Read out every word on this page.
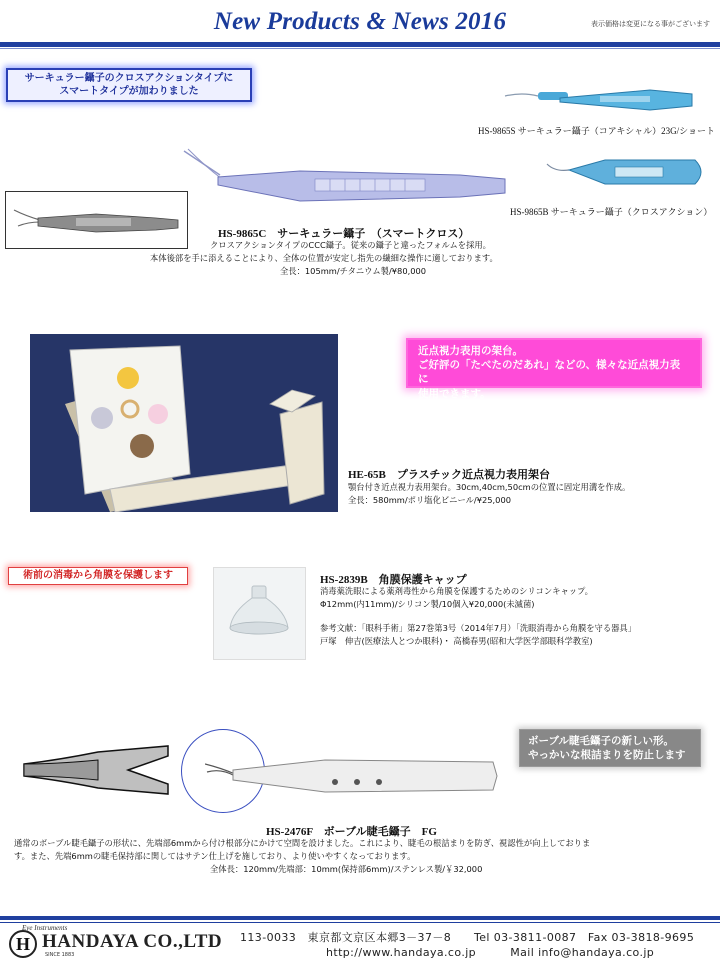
New Products & News 2016	表示価格は変更になる事がございます
サーキュラー鑷子のクロスアクションタイプに
スマートタイプが加わりました
HS-9865S サーキュラー鑷子（コアキシャル）23G/ショート
HS-9865B サーキュラー鑷子（クロスアクション）
HS-9865C　サーキュラー鑷子　（スマートクロス）
クロスアクションタイプのCCC鑷子。従来の鑷子と違ったフォルムを採用。
本体後部を手に添えることにより、全体の位置が安定し指先の繊細な操作に適しております。
全長：105mm/チタニウム製/¥80,000
近点視力表用の架台。
ご好評の「たべたのだあれ」などの、様々な近点視力表に
使用できます。
HE-65B　プラスチック近点視力表用架台
顎台付き近点視力表用架台。30cm,40cm,50cmの位置に固定用溝を作成。
全長：580mm/ポリ塩化ビニール/¥25,000
術前の消毒から角膜を保護します	HS-2839B　角膜保護キャップ
消毒薬洗眼による薬剤毒性から角膜を保護するためのシリコンキャップ。
Φ12mm(内11mm)/シリコン製/10個入¥20,000(未滅菌)
参考文献：「眼科手術」第27巻第3号（2014年7月）「洗眼消毒から角膜を守る器具」
戸塚　伸吉(医療法人とつか眼科)・ 高橋春男(昭和大学医学部眼科学教室)
ボーブル睫毛鑷子の新しい形。
やっかいな根詰まりを防止します
HS-2476F　ボーブル睫毛鑷子　FG
通常のボーブル睫毛鑷子の形状に、先端部6mmから付け根部分にかけて空間を設けました。これにより、睫毛の根詰まりを防ぎ、視認性が向上しておりま
す。また、先端6mmの睫毛保持部に関してはサテン仕上げを施しており、より使いやすくなっております。
全体長：120mm/先端部：10mm(保持部6mm)/ステンレス製/￥32,000
Eye Instruments
H HANDAYA CO.,LTD
SINCE 1883
113-0033　東京都文京区本郷3－37－8　　Tel 03-3811-0087　Fax 03-3818-9695
http://www.handaya.co.jp　　　Mail info@handaya.co.jp
